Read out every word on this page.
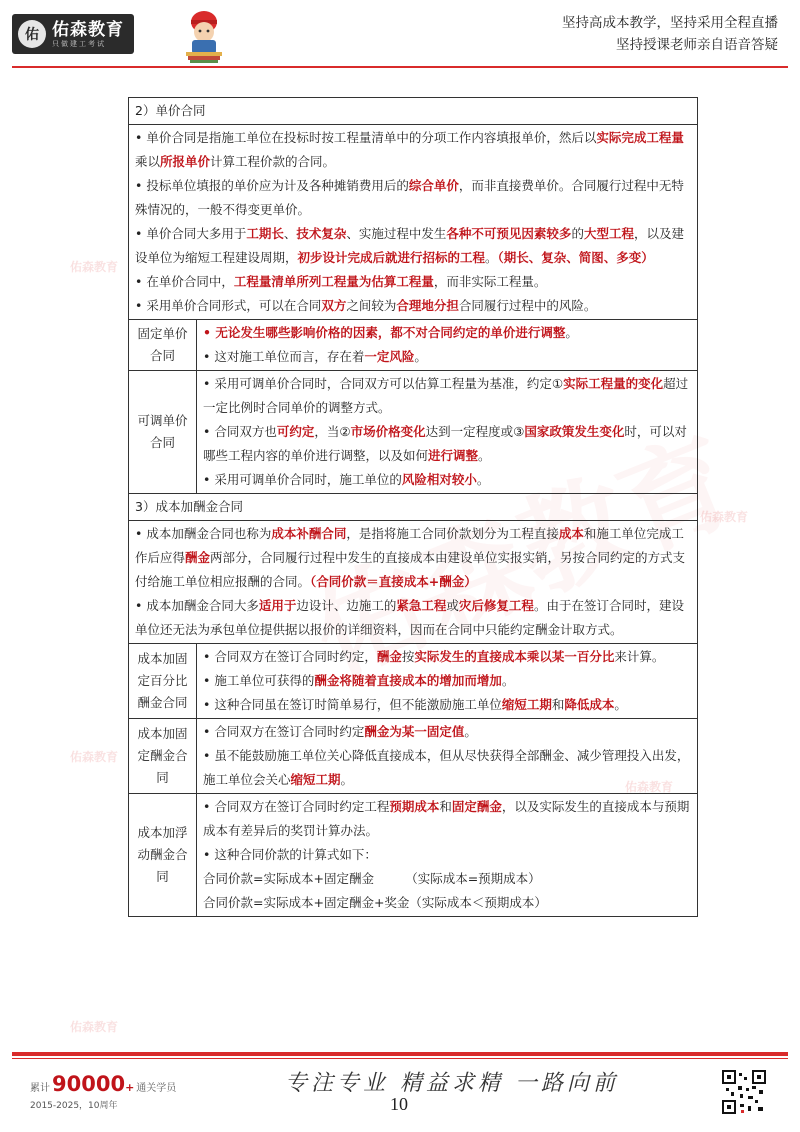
佑 佑森教育
只做建工考试
坚持高成本教学，坚持采用全程直播
坚持授课老师亲自语音答疑
佑森教育
佑森教育
佑森教育
佑森教育
佑森教育
2）单价合同	

• 单价合同是指施工单位在投标时按工程量清单中的分项工作内容填报单价，然后以实际完成工程量乘以所报单价计算工程价款的合同。

• 投标单位填报的单价应为计及各种摊销费用后的综合单价，而非直接费单价。合同履行过程中无特殊情况的，一般不得变更单价。

• 单价合同大多用于工期长、技术复杂、实施过程中发生各种不可预见因素较多的大型工程，以及建设单位为缩短工程建设周期，初步设计完成后就进行招标的工程。（期长、复杂、简图、多变）

• 在单价合同中，工程量清单所列工程量为估算工程量，而非实际工程量。

• 采用单价合同形式，可以在合同双方之间较为合理地分担合同履行过程中的风险。	

固定单价合同	• 无论发生哪些影响价格的因素，都不对合同约定的单价进行调整。

• 这对施工单位而言，存在着一定风险。

可调单价合同	• 采用可调单价合同时，合同双方可以估算工程量为基准，约定①实际工程量的变化超过一定比例时合同单价的调整方式。

• 合同双方也可约定，当②市场价格变化达到一定程度或③国家政策发生变化时，可以对哪些工程内容的单价进行调整，以及如何进行调整。

• 采用可调单价合同时，施工单位的风险相对较小。

3）成本加酬金合同	

• 成本加酬金合同也称为成本补酬合同，是指将施工合同价款划分为工程直接成本和施工单位完成工作后应得酬金两部分，合同履行过程中发生的直接成本由建设单位实报实销，另按合同约定的方式支付给施工单位相应报酬的合同。（合同价款＝直接成本+酬金）

• 成本加酬金合同大多适用于边设计、边施工的紧急工程或灾后修复工程。由于在签订合同时，建设单位还无法为承包单位提供据以报价的详细资料，因而在合同中只能约定酬金计取方式。	

成本加固定百分比酬金合同	• 合同双方在签订合同时约定，酬金按实际发生的直接成本乘以某一百分比来计算。

• 施工单位可获得的酬金将随着直接成本的增加而增加。

• 这种合同虽在签订时简单易行，但不能激励施工单位缩短工期和降低成本。

成本加固定酬金合同	• 合同双方在签订合同时约定酬金为某一固定值。

• 虽不能鼓励施工单位关心降低直接成本，但从尽快获得全部酬金、减少管理投入出发，施工单位会关心缩短工期。

成本加浮动酬金合同	• 合同双方在签订合同时约定工程预期成本和固定酬金，以及实际发生的直接成本与预期成本有差异后的奖罚计算办法。

• 这种合同价款的计算式如下：

合同价款=实际成本+固定酬金　　　（实际成本=预期成本）

合同价款=实际成本+固定酬金+奖金（实际成本＜预期成本）

累计 90000 + 通关学员
2015-2025，10周年
专注专业 精益求精 一路向前
10
